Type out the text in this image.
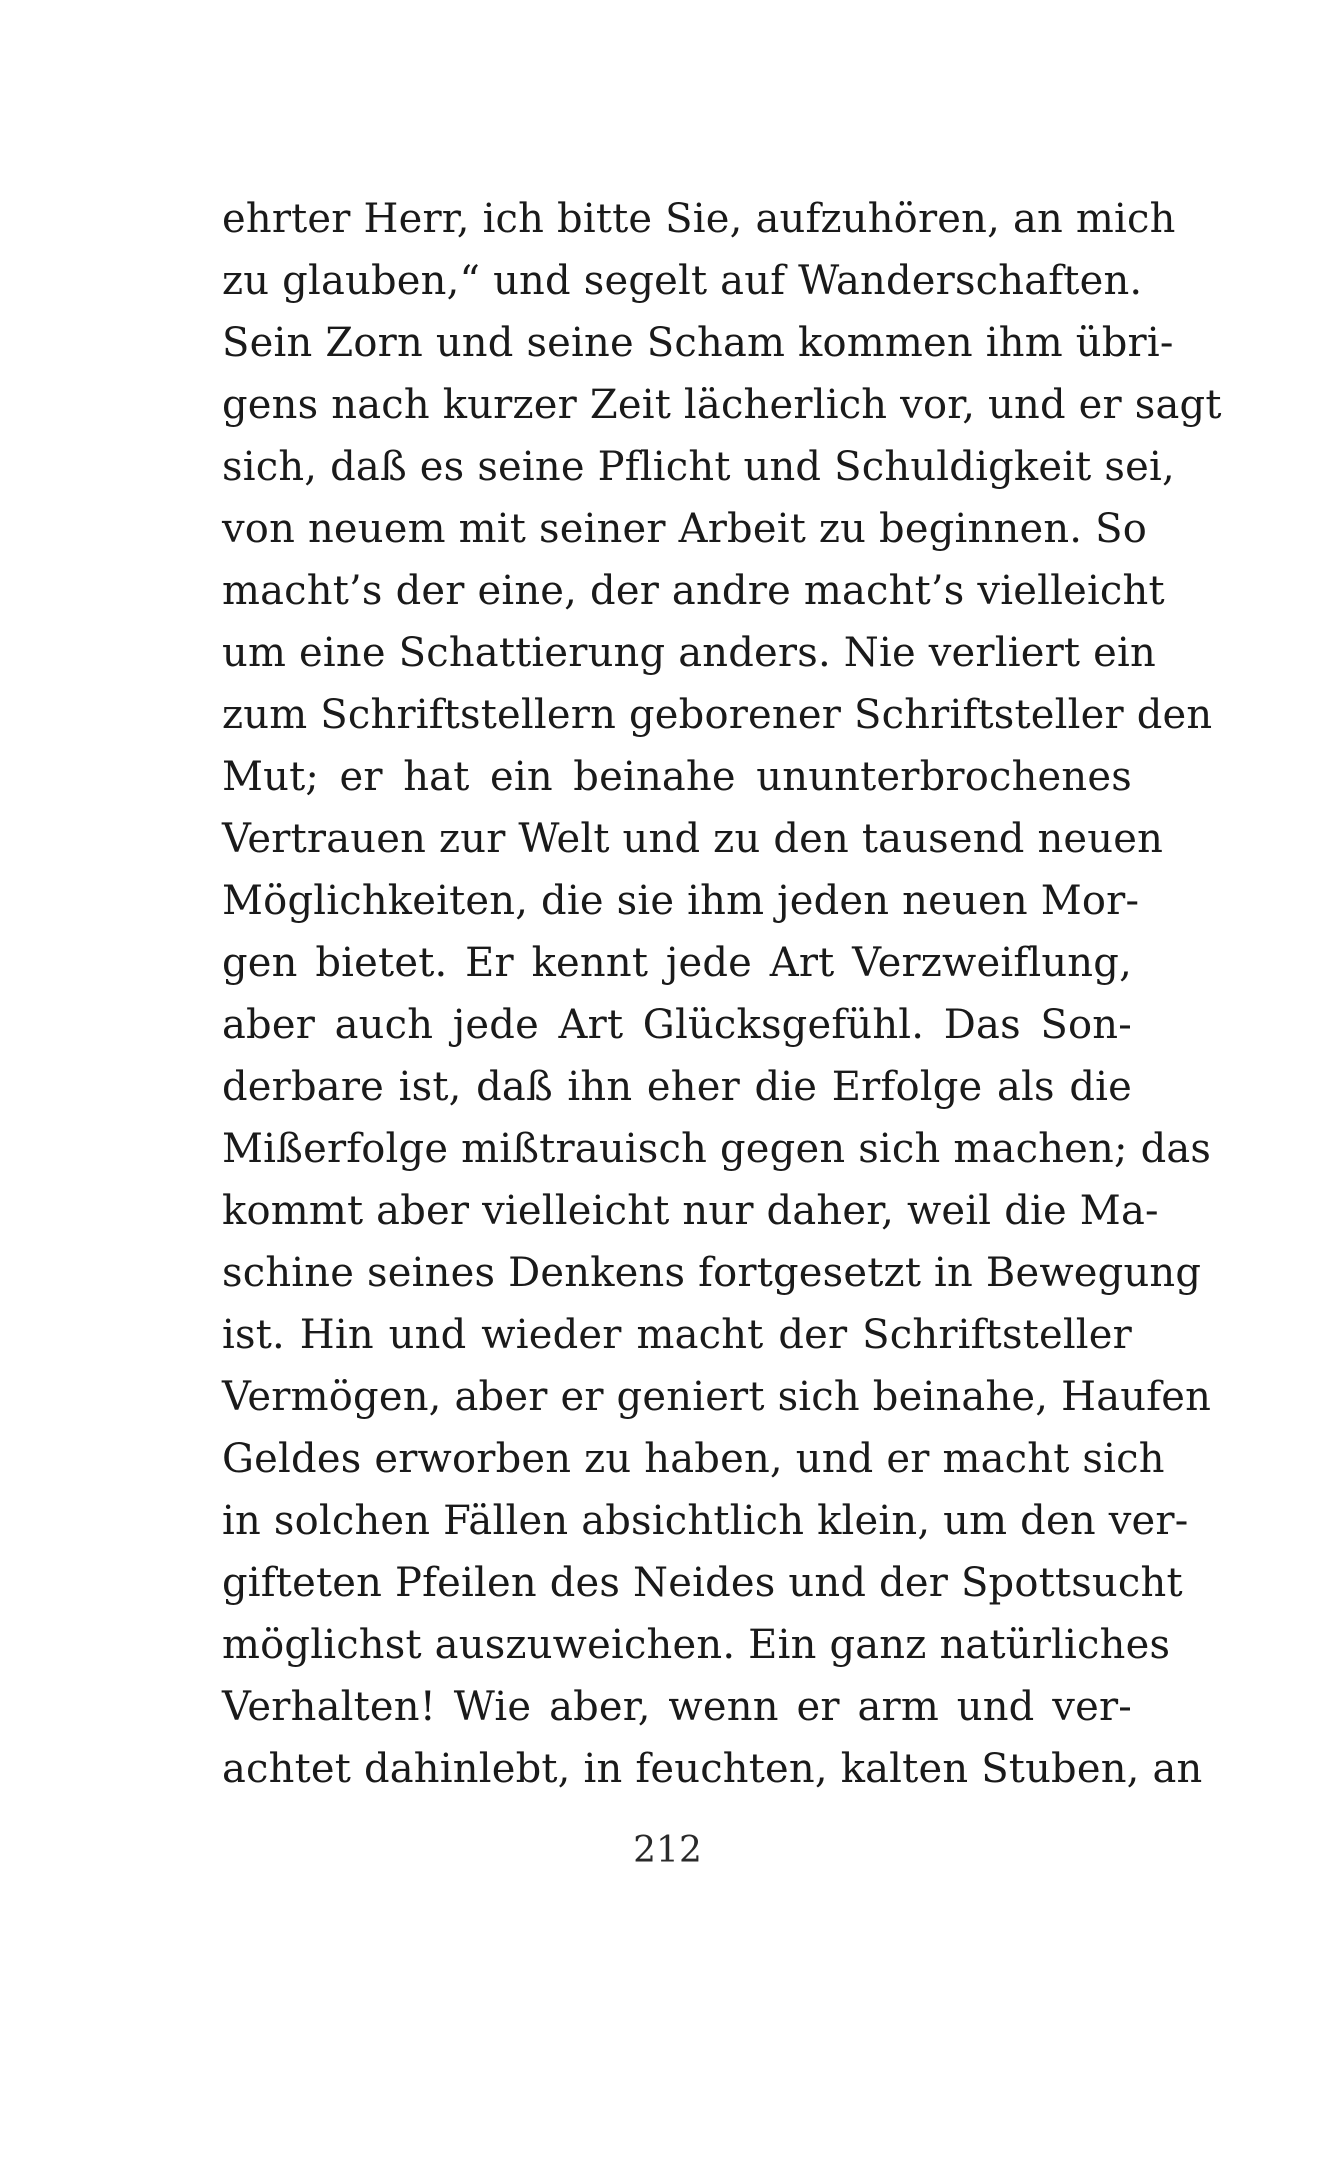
ehrter Herr, ich bitte Sie, aufzuhören, an mich
zu glauben,“ und segelt auf Wanderschaften.
Sein Zorn und seine Scham kommen ihm übri-
gens nach kurzer Zeit lächerlich vor, und er sagt
sich, daß es seine Pflicht und Schuldigkeit sei,
von neuem mit seiner Arbeit zu beginnen. So
macht’s der eine, der andre macht’s vielleicht
um eine Schattierung anders. Nie verliert ein
zum Schriftstellern geborener Schriftsteller den
Mut; er hat ein beinahe ununterbrochenes
Vertrauen zur Welt und zu den tausend neuen
Möglichkeiten, die sie ihm jeden neuen Mor-
gen bietet. Er kennt jede Art Verzweiflung,
aber auch jede Art Glücksgefühl. Das Son-
derbare ist, daß ihn eher die Erfolge als die
Mißerfolge mißtrauisch gegen sich machen; das
kommt aber vielleicht nur daher, weil die Ma-
schine seines Denkens fortgesetzt in Bewegung
ist. Hin und wieder macht der Schriftsteller
Vermögen, aber er geniert sich beinahe, Haufen
Geldes erworben zu haben, und er macht sich
in solchen Fällen absichtlich klein, um den ver-
gifteten Pfeilen des Neides und der Spottsucht
möglichst auszuweichen. Ein ganz natürliches
Verhalten! Wie aber, wenn er arm und ver-
achtet dahinlebt, in feuchten, kalten Stuben, an
212
